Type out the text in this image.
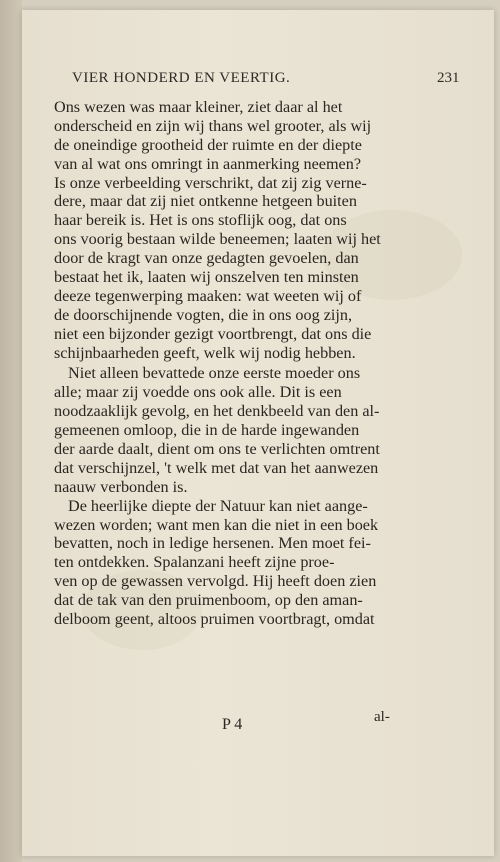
VIER HONDERD EN VEERTIG.	231
Ons wezen was maar kleiner, ziet daar al het
onderscheid en zijn wij thans wel grooter, als wij
de oneindige grootheid der ruimte en der diepte
van al wat ons omringt in aanmerking neemen?
Is onze verbeelding verschrikt, dat zij zig verne-
dere, maar dat zij niet ontkenne hetgeen buiten
haar bereik is. Het is ons stoflijk oog, dat ons
ons voorig bestaan wilde beneemen; laaten wij het
door de kragt van onze gedagten gevoelen, dan
bestaat het ik, laaten wij onszelven ten minsten
deeze tegenwerping maaken: wat weeten wij of
de doorschijnende vogten, die in ons oog zijn,
niet een bijzonder gezigt voortbrengt, dat ons die
schijnbaarheden geeft, welk wij nodig hebben.
Niet alleen bevattede onze eerste moeder ons
alle; maar zij voedde ons ook alle. Dit is een
noodzaaklijk gevolg, en het denkbeeld van den al-
gemeenen omloop, die in de harde ingewanden
der aarde daalt, dient om ons te verlichten omtrent
dat verschijnzel, 't welk met dat van het aanwezen
naauw verbonden is.
De heerlijke diepte der Natuur kan niet aange-
wezen worden; want men kan die niet in een boek
bevatten, noch in ledige hersenen. Men moet fei-
ten ontdekken. Spalanzani heeft zijne proe-
ven op de gewassen vervolgd. Hij heeft doen zien
dat de tak van den pruimenboom, op den aman-
delboom geent, altoos pruimen voortbragt, omdat
P 4	al-
